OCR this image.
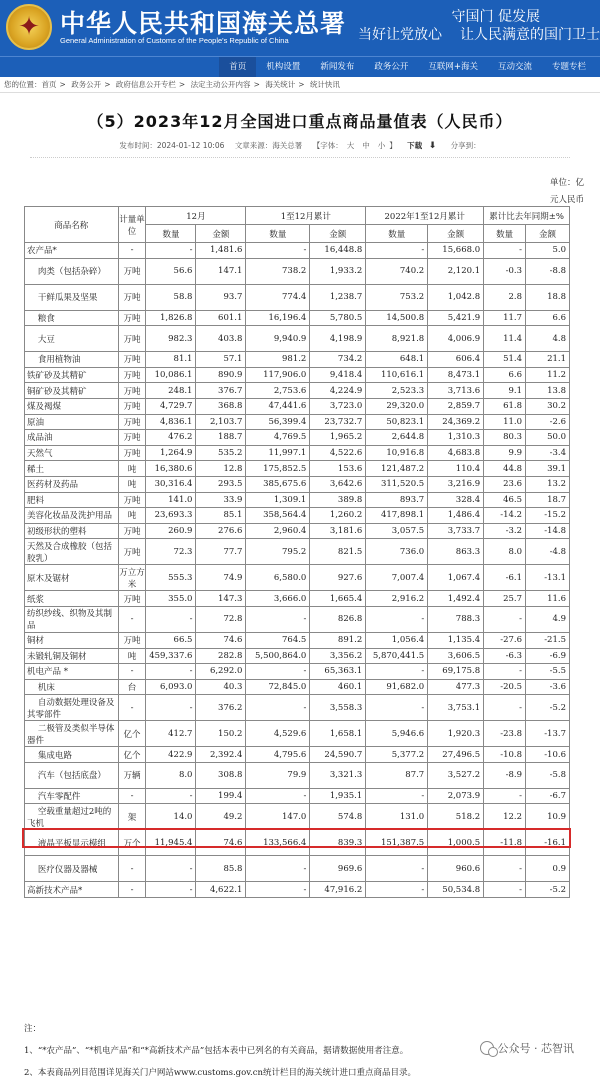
✦ 中华人民共和国海关总署
General Administration of Customs of the People's Republic of China
守国门 促发展
当好让党放心 让人民满意的国门卫士
首页	机构设置	新闻发布	政务公开	互联网+海关	互动交流	专题专栏
您的位置：首页 > 政务公开 > 政府信息公开专栏 > 法定主动公开内容 > 海关统计 > 统计快讯
（5）2023年12月全国进口重点商品量值表（人民币）
发布时间：2024-01-12 10:06 文章来源：海关总署 【字体： 大 中 小 】 下载 ⬇ 分享到：
单位：亿
元人民币
商品名称	计量单位	12月		1至12月累计		2022年1至12月累计		累计比去年同期±%	
		数量	金额	数量	金额	数量	金额	数量	金额
农产品*	-	-	1,481.6	-	16,448.8	-	15,668.0	-	5.0
肉类（包括杂碎）	万吨	56.6	147.1	738.2	1,933.2	740.2	2,120.1	-0.3	-8.8
干鲜瓜果及坚果	万吨	58.8	93.7	774.4	1,238.7	753.2	1,042.8	2.8	18.8
粮食	万吨	1,826.8	601.1	16,196.4	5,780.5	14,500.8	5,421.9	11.7	6.6
大豆	万吨	982.3	403.8	9,940.9	4,198.9	8,921.8	4,006.9	11.4	4.8
食用植物油	万吨	81.1	57.1	981.2	734.2	648.1	606.4	51.4	21.1
铁矿砂及其精矿	万吨	10,086.1	890.9	117,906.0	9,418.4	110,616.1	8,473.1	6.6	11.2
铜矿砂及其精矿	万吨	248.1	376.7	2,753.6	4,224.9	2,523.3	3,713.6	9.1	13.8
煤及褐煤	万吨	4,729.7	368.8	47,441.6	3,723.0	29,320.0	2,859.7	61.8	30.2
原油	万吨	4,836.1	2,103.7	56,399.4	23,732.7	50,823.1	24,369.2	11.0	-2.6
成品油	万吨	476.2	188.7	4,769.5	1,965.2	2,644.8	1,310.3	80.3	50.0
天然气	万吨	1,264.9	535.2	11,997.1	4,522.6	10,916.8	4,683.8	9.9	-3.4
稀土	吨	16,380.6	12.8	175,852.5	153.6	121,487.2	110.4	44.8	39.1
医药材及药品	吨	30,316.4	293.5	385,675.6	3,642.6	311,520.5	3,216.9	23.6	13.2
肥料	万吨	141.0	33.9	1,309.1	389.8	893.7	328.4	46.5	18.7
美容化妆品及洗护用品	吨	23,693.3	85.1	358,564.4	1,260.2	417,898.1	1,486.4	-14.2	-15.2
初级形状的塑料	万吨	260.9	276.6	2,960.4	3,181.6	3,057.5	3,733.7	-3.2	-14.8
天然及合成橡胶（包括胶乳）	万吨	72.3	77.7	795.2	821.5	736.0	863.3	8.0	-4.8
原木及锯材	万立方米	555.3	74.9	6,580.0	927.6	7,007.4	1,067.4	-6.1	-13.1
纸浆	万吨	355.0	147.3	3,666.0	1,665.4	2,916.2	1,492.4	25.7	11.6
纺织纱线、织物及其制品	-	-	72.8	-	826.8	-	788.3	-	4.9
铜材	万吨	66.5	74.6	764.5	891.2	1,056.4	1,135.4	-27.6	-21.5
未锻轧铜及铜材	吨	459,337.6	282.8	5,500,864.0	3,356.2	5,870,441.5	3,606.5	-6.3	-6.9
机电产品 *	-	-	6,292.0	-	65,363.1	-	69,175.8	-	-5.5
机床	台	6,093.0	40.3	72,845.0	460.1	91,682.0	477.3	-20.5	-3.6
自动数据处理设备及其零部件	-	-	376.2	-	3,558.3	-	3,753.1	-	-5.2
二极管及类似半导体器件	亿个	412.7	150.2	4,529.6	1,658.1	5,946.6	1,920.3	-23.8	-13.7
集成电路	亿个	422.9	2,392.4	4,795.6	24,590.7	5,377.2	27,496.5	-10.8	-10.6
汽车（包括底盘）	万辆	8.0	308.8	79.9	3,321.3	87.7	3,527.2	-8.9	-5.8
汽车零配件	-	-	199.4	-	1,935.1	-	2,073.9	-	-6.7
空载重量超过2吨的飞机	架	14.0	49.2	147.0	574.8	131.0	518.2	12.2	10.9
液晶平板显示模组	万个	11,945.4	74.6	133,566.4	839.3	151,387.5	1,000.5	-11.8	-16.1
医疗仪器及器械	-	-	85.8	-	969.6	-	960.6	-	0.9
高新技术产品*	-	-	4,622.1	-	47,916.2	-	50,534.8	-	-5.2
注：
1、“*农产品”、“*机电产品”和“*高新技术产品”包括本表中已列名的有关商品，据请数据使用者注意。
2、本表商品列目范围详见海关门户网站www.customs.gov.cn统计栏目的海关统计进口重点商品目录。
公众号 · 芯智讯
